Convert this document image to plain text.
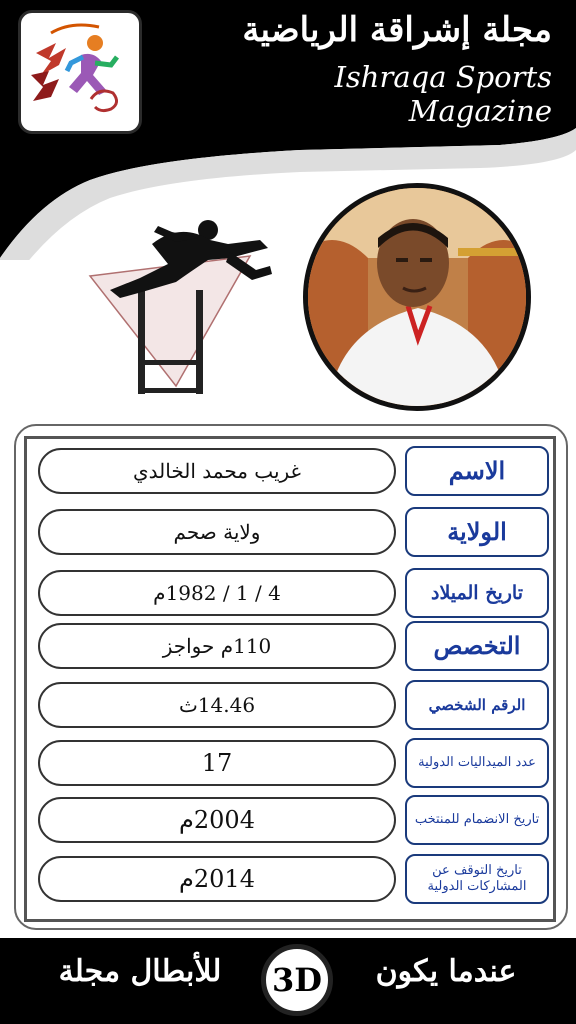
مجلة إشراقة الرياضية
Ishraqa Sports Magazine
غريب محمد الخالدي	الاسم
ولاية صحم	الولاية
4 / 1 / 1982م	تاريخ الميلاد
110م حواجز	التخصص
14.46ث	الرقم الشخصي
17	عدد الميداليات الدولية
2004م	تاريخ الانضمام للمنتخب
2014م	تاريخ التوقف عن المشاركات الدولية
للأبطال مجلة	عندما يكون
3D
